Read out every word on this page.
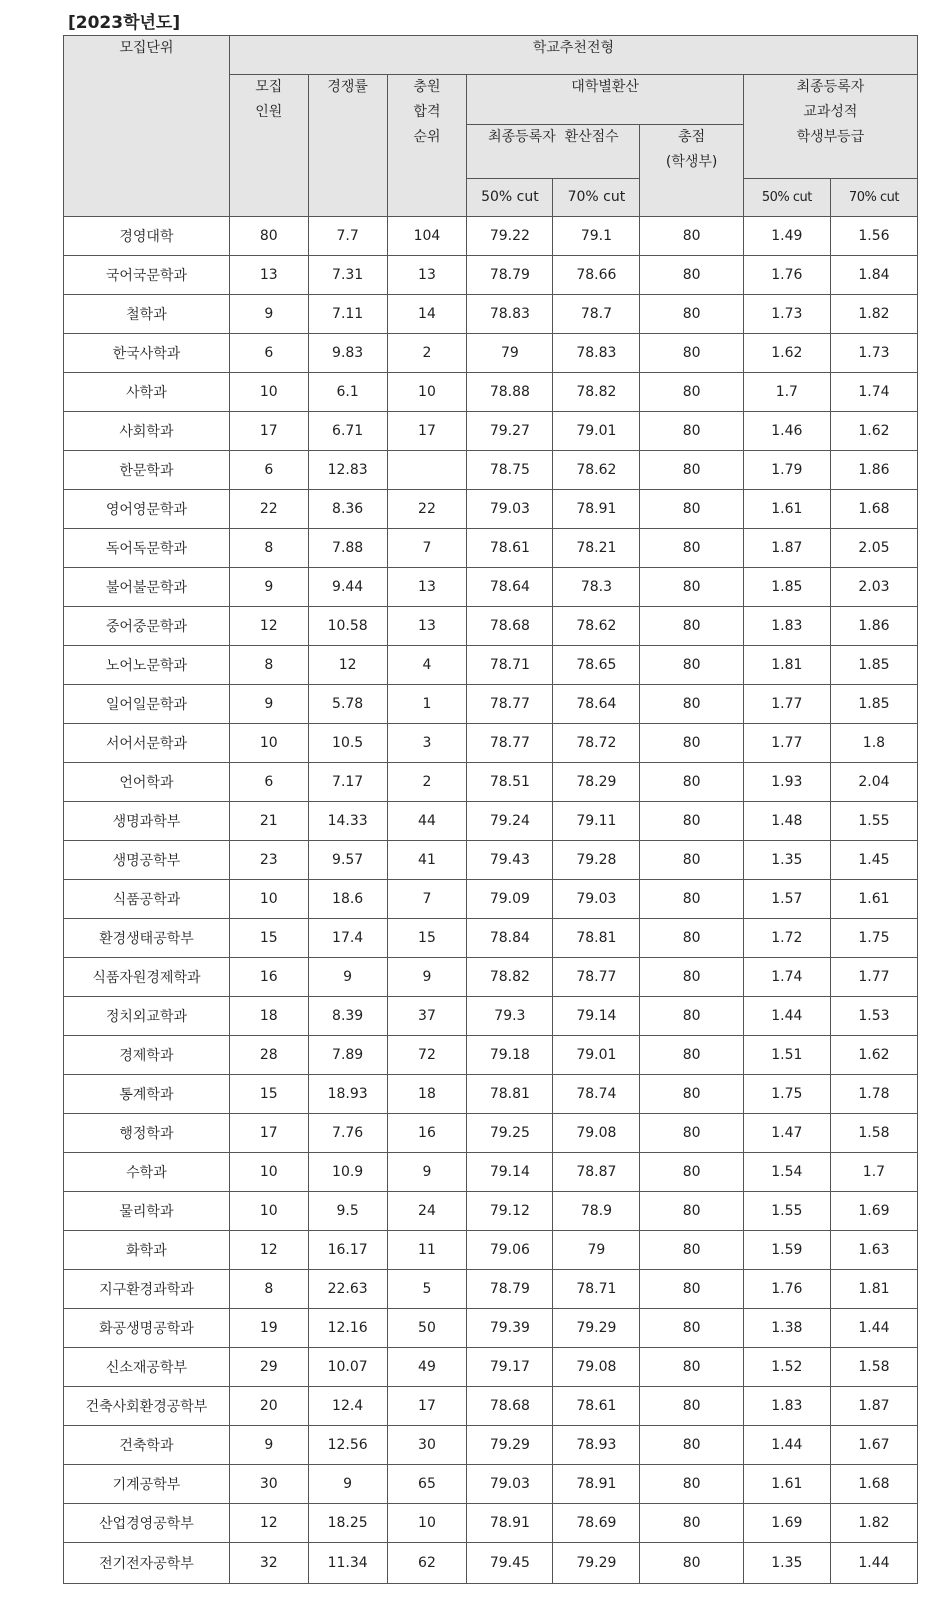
[2023학년도]
모집단위	학교추천전형							
	모집
인원	경쟁률	충원
합격
순위	대학별환산			최종등록자
교과성적
학생부등급	
				최종등록자  환산점수		총점
(학생부)		
				50% cut	70% cut		50% cut	70% cut
경영대학	80	7.7	104	79.22	79.1	80	1.49	1.56
국어국문학과	13	7.31	13	78.79	78.66	80	1.76	1.84
철학과	9	7.11	14	78.83	78.7	80	1.73	1.82
한국사학과	6	9.83	2	79	78.83	80	1.62	1.73
사학과	10	6.1	10	78.88	78.82	80	1.7	1.74
사회학과	17	6.71	17	79.27	79.01	80	1.46	1.62
한문학과	6	12.83		78.75	78.62	80	1.79	1.86
영어영문학과	22	8.36	22	79.03	78.91	80	1.61	1.68
독어독문학과	8	7.88	7	78.61	78.21	80	1.87	2.05
불어불문학과	9	9.44	13	78.64	78.3	80	1.85	2.03
중어중문학과	12	10.58	13	78.68	78.62	80	1.83	1.86
노어노문학과	8	12	4	78.71	78.65	80	1.81	1.85
일어일문학과	9	5.78	1	78.77	78.64	80	1.77	1.85
서어서문학과	10	10.5	3	78.77	78.72	80	1.77	1.8
언어학과	6	7.17	2	78.51	78.29	80	1.93	2.04
생명과학부	21	14.33	44	79.24	79.11	80	1.48	1.55
생명공학부	23	9.57	41	79.43	79.28	80	1.35	1.45
식품공학과	10	18.6	7	79.09	79.03	80	1.57	1.61
환경생태공학부	15	17.4	15	78.84	78.81	80	1.72	1.75
식품자원경제학과	16	9	9	78.82	78.77	80	1.74	1.77
정치외교학과	18	8.39	37	79.3	79.14	80	1.44	1.53
경제학과	28	7.89	72	79.18	79.01	80	1.51	1.62
통계학과	15	18.93	18	78.81	78.74	80	1.75	1.78
행정학과	17	7.76	16	79.25	79.08	80	1.47	1.58
수학과	10	10.9	9	79.14	78.87	80	1.54	1.7
물리학과	10	9.5	24	79.12	78.9	80	1.55	1.69
화학과	12	16.17	11	79.06	79	80	1.59	1.63
지구환경과학과	8	22.63	5	78.79	78.71	80	1.76	1.81
화공생명공학과	19	12.16	50	79.39	79.29	80	1.38	1.44
신소재공학부	29	10.07	49	79.17	79.08	80	1.52	1.58
건축사회환경공학부	20	12.4	17	78.68	78.61	80	1.83	1.87
건축학과	9	12.56	30	79.29	78.93	80	1.44	1.67
기계공학부	30	9	65	79.03	78.91	80	1.61	1.68
산업경영공학부	12	18.25	10	78.91	78.69	80	1.69	1.82
전기전자공학부	32	11.34	62	79.45	79.29	80	1.35	1.44
